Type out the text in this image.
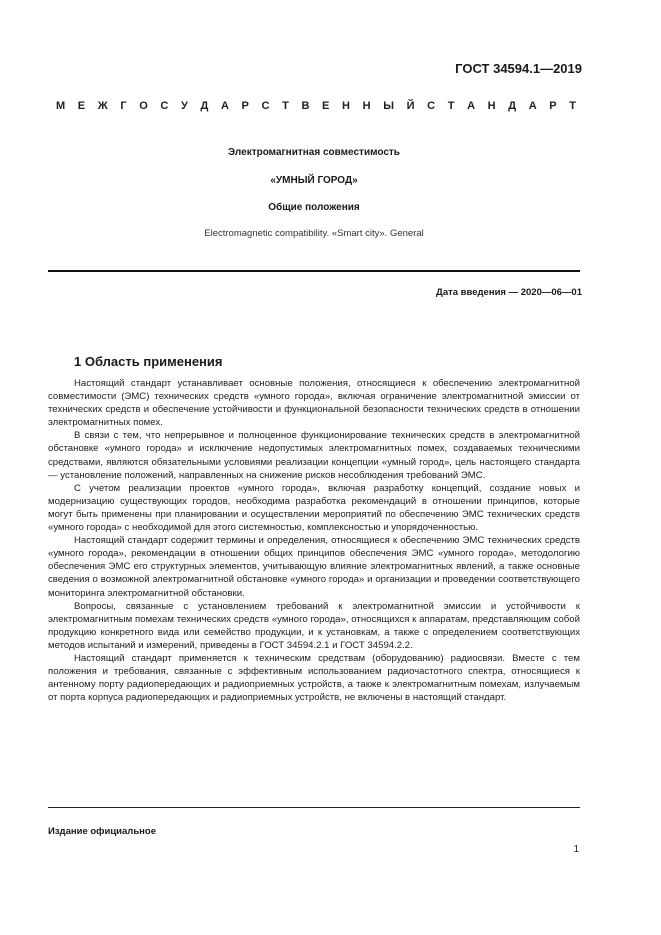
ГОСТ 34594.1—2019
М Е Ж Г О С У Д А Р С Т В Е Н Н Ы Й С Т А Н Д А Р Т
Электромагнитная совместимость
«УМНЫЙ ГОРОД»
Общие положения
Electromagnetic compatibility. «Smart city». General
Дата введения — 2020—06—01
1 Область применения

Настоящий стандарт устанавливает основные положения, относящиеся к обеспечению электромагнитной совместимости (ЭМС) технических средств «умного города», включая ограничение электромагнитной эмиссии от технических средств и обеспечение устойчивости и функциональной безопасности технических средств в отношении электромагнитных помех.

В связи с тем, что непрерывное и полноценное функционирование технических средств в электромагнитной обстановке «умного города» и исключение недопустимых электромагнитных помех, создаваемых техническими средствами, являются обязательными условиями реализации концепции «умный город», цель настоящего стандарта — установление положений, направленных на снижение рисков несоблюдения требований ЭМС.

С учетом реализации проектов «умного города», включая разработку концепций, создание новых и модернизацию существующих городов, необходима разработка рекомендаций в отношении принципов, которые могут быть применены при планировании и осуществлении мероприятий по обеспечению ЭМС технических средств «умного города» с необходимой для этого системностью, комплексностью и упорядоченностью.

Настоящий стандарт содержит термины и определения, относящиеся к обеспечению ЭМС технических средств «умного города», рекомендации в отношении общих принципов обеспечения ЭМС «умного города», методологию обеспечения ЭМС его структурных элементов, учитывающую влияние электромагнитных явлений, а также основные сведения о возможной электромагнитной обстановке «умного города» и организации и проведении соответствующего мониторинга электромагнитной обстановки.

Вопросы, связанные с установлением требований к электромагнитной эмиссии и устойчивости к электромагнитным помехам технических средств «умного города», относящихся к аппаратам, представляющим собой продукцию конкретного вида или семейство продукции, и к установкам, а также с определением соответствующих методов испытаний и измерений, приведены в ГОСТ 34594.2.1 и ГОСТ 34594.2.2.

Настоящий стандарт применяется к техническим средствам (оборудованию) радиосвязи. Вместе с тем положения и требования, связанные с эффективным использованием радиочастотного спектра, относящиеся к антенному порту радиопередающих и радиоприемных устройств, а также к электромагнитным помехам, излучаемым от порта корпуса радиопередающих и радиоприемных устройств, не включены в настоящий стандарт.

Издание официальное
1
